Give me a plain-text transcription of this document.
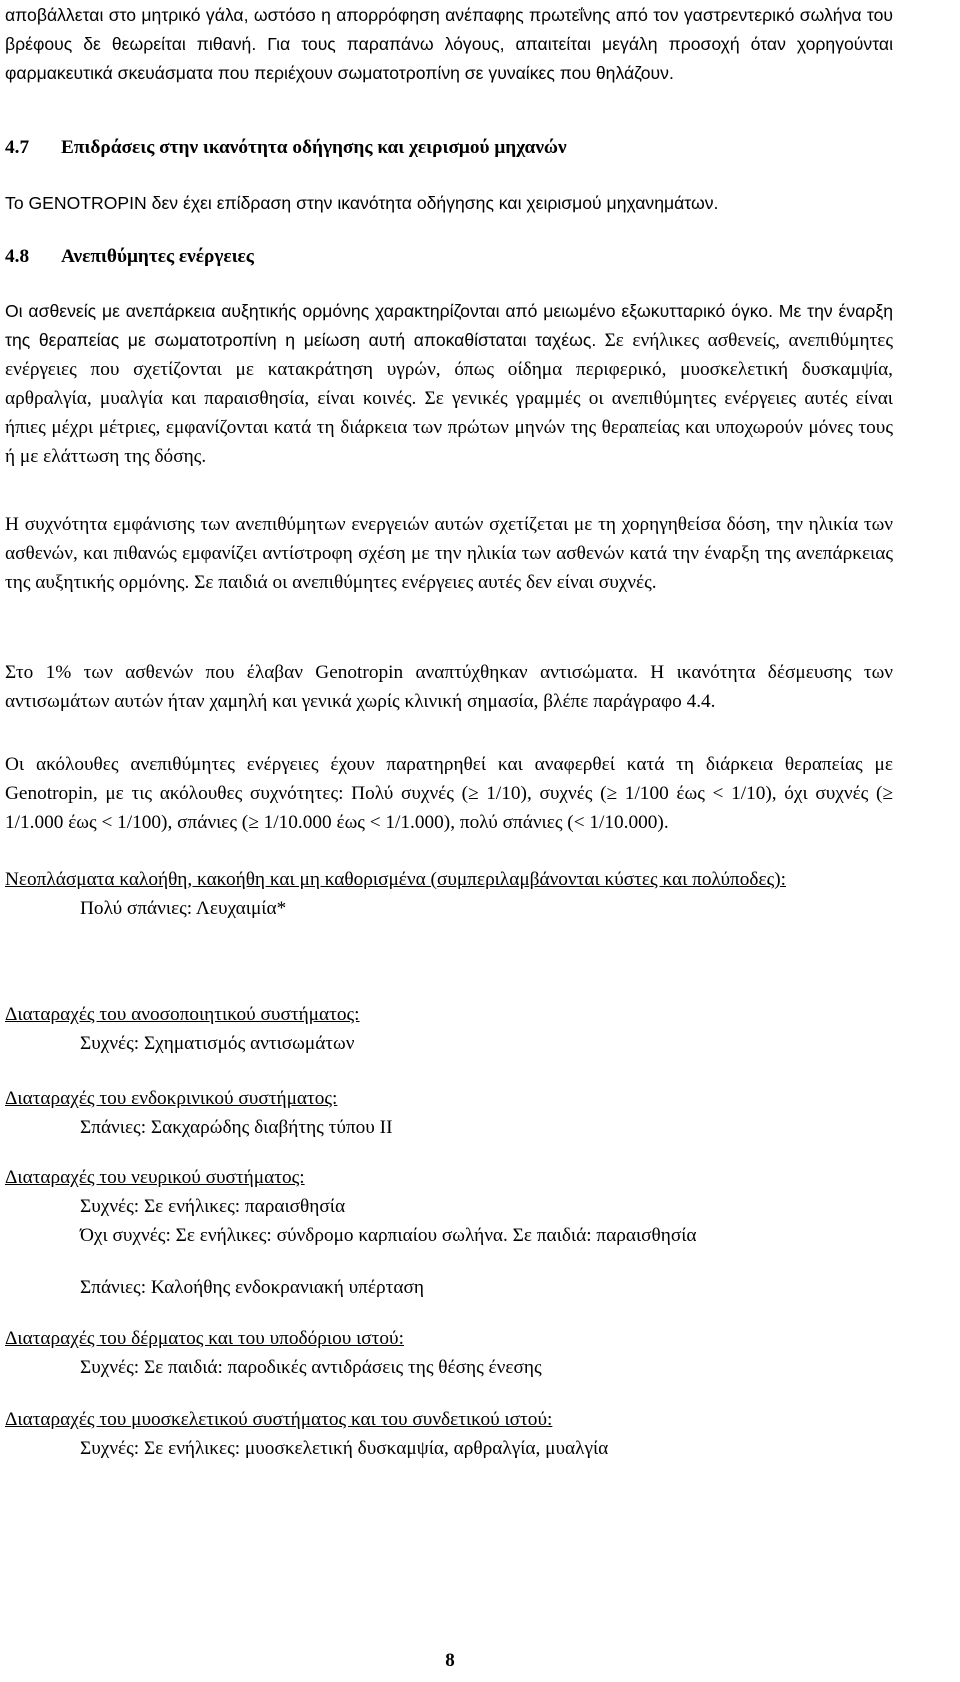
αποβάλλεται στο μητρικό γάλα, ωστόσο η απορρόφηση ανέπαφης πρωτεΐνης από τον γαστρεντερικό σωλήνα του βρέφους δε θεωρείται πιθανή. Για τους παραπάνω λόγους, απαιτείται μεγάλη προσοχή όταν χορηγούνται φαρμακευτικά σκευάσματα που περιέχουν σωματοτροπίνη σε γυναίκες που θηλάζουν.

4.7 Επιδράσεις στην ικανότητα οδήγησης και χειρισμού μηχανών

Το GENOTROPIN δεν έχει επίδραση στην ικανότητα οδήγησης και χειρισμού μηχανημάτων.

4.8 Ανεπιθύμητες ενέργειες

Οι ασθενείς με ανεπάρκεια αυξητικής ορμόνης χαρακτηρίζονται από μειωμένο εξωκυτταρικό όγκο. Με την έναρξη της θεραπείας με σωματοτροπίνη η μείωση αυτή αποκαθίσταται ταχέως. Σε ενήλικες ασθενείς, ανεπιθύμητες ενέργειες που σχετίζονται με κατακράτηση υγρών, όπως οίδημα περιφερικό, μυοσκελετική δυσκαμψία, αρθραλγία, μυαλγία και παραισθησία, είναι κοινές. Σε γενικές γραμμές οι ανεπιθύμητες ενέργειες αυτές είναι ήπιες μέχρι μέτριες, εμφανίζονται κατά τη διάρκεια των πρώτων μηνών της θεραπείας και υποχωρούν μόνες τους ή με ελάττωση της δόσης.

Η συχνότητα εμφάνισης των ανεπιθύμητων ενεργειών αυτών σχετίζεται με τη χορηγηθείσα δόση, την ηλικία των ασθενών, και πιθανώς εμφανίζει αντίστροφη σχέση με την ηλικία των ασθενών κατά την έναρξη της ανεπάρκειας της αυξητικής ορμόνης. Σε παιδιά οι ανεπιθύμητες ενέργειες αυτές δεν είναι συχνές.

Στο 1% των ασθενών που έλαβαν Genotropin αναπτύχθηκαν αντισώματα. Η ικανότητα δέσμευσης των αντισωμάτων αυτών ήταν χαμηλή και γενικά χωρίς κλινική σημασία, βλέπε παράγραφο 4.4.

Οι ακόλουθες ανεπιθύμητες ενέργειες έχουν παρατηρηθεί και αναφερθεί κατά τη διάρκεια θεραπείας με Genotropin, με τις ακόλουθες συχνότητες: Πολύ συχνές (≥ 1/10), συχνές (≥ 1/100 έως < 1/10), όχι συχνές (≥ 1/1.000 έως < 1/100), σπάνιες (≥ 1/10.000 έως < 1/1.000), πολύ σπάνιες (< 1/10.000).

Νεοπλάσματα καλοήθη, κακοήθη και μη καθορισμένα (συμπεριλαμβάνονται κύστες και πολύποδες):
Πολύ σπάνιες: Λευχαιμία*
Διαταραχές του ανοσοποιητικού συστήματος:
Συχνές: Σχηματισμός αντισωμάτων
Διαταραχές του ενδοκρινικού συστήματος:
Σπάνιες: Σακχαρώδης διαβήτης τύπου ΙΙ
Διαταραχές του νευρικού συστήματος:
Συχνές: Σε ενήλικες: παραισθησία
Όχι συχνές: Σε ενήλικες: σύνδρομο καρπιαίου σωλήνα. Σε παιδιά: παραισθησία
Σπάνιες: Καλοήθης ενδοκρανιακή υπέρταση
Διαταραχές του δέρματος και του υποδόριου ιστού:
Συχνές: Σε παιδιά: παροδικές αντιδράσεις της θέσης ένεσης
Διαταραχές του μυοσκελετικού συστήματος και του συνδετικού ιστού:
Συχνές: Σε ενήλικες: μυοσκελετική δυσκαμψία, αρθραλγία, μυαλγία
8
